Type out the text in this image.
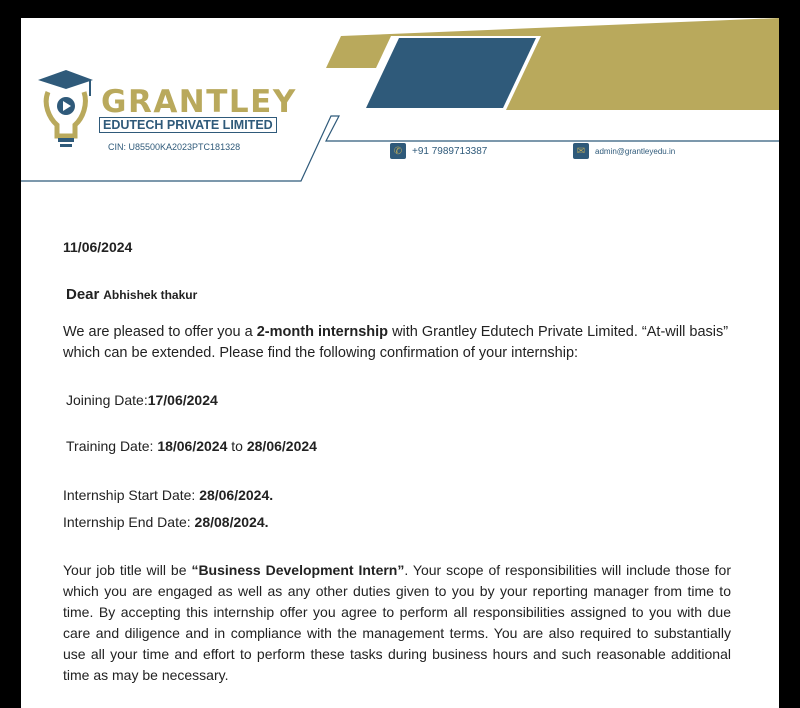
GRANTLEY
EDUTECH PRIVATE LIMITED
CIN: U85500KA2023PTC181328	✆ +91 7989713387	✉	admin@grantleyedu.in
11/06/2024
Dear Abhishek thakur
We are pleased to offer you a 2-month internship with Grantley Edutech Private Limited. “At-will basis” which can be extended. Please find the following confirmation of your internship:
Joining Date:17/06/2024
Training Date: 18/06/2024 to 28/06/2024
Internship Start Date: 28/06/2024.
Internship End Date: 28/08/2024.
Your job title will be “Business Development Intern”. Your scope of responsibilities will include those for which you are engaged as well as any other duties given to you by your reporting manager from time to time. By accepting this internship offer you agree to perform all responsibilities assigned to you with due care and diligence and in compliance with the management terms. You are also required to substantially use all your time and effort to perform these tasks during business hours and such reasonable additional time as may be necessary.
